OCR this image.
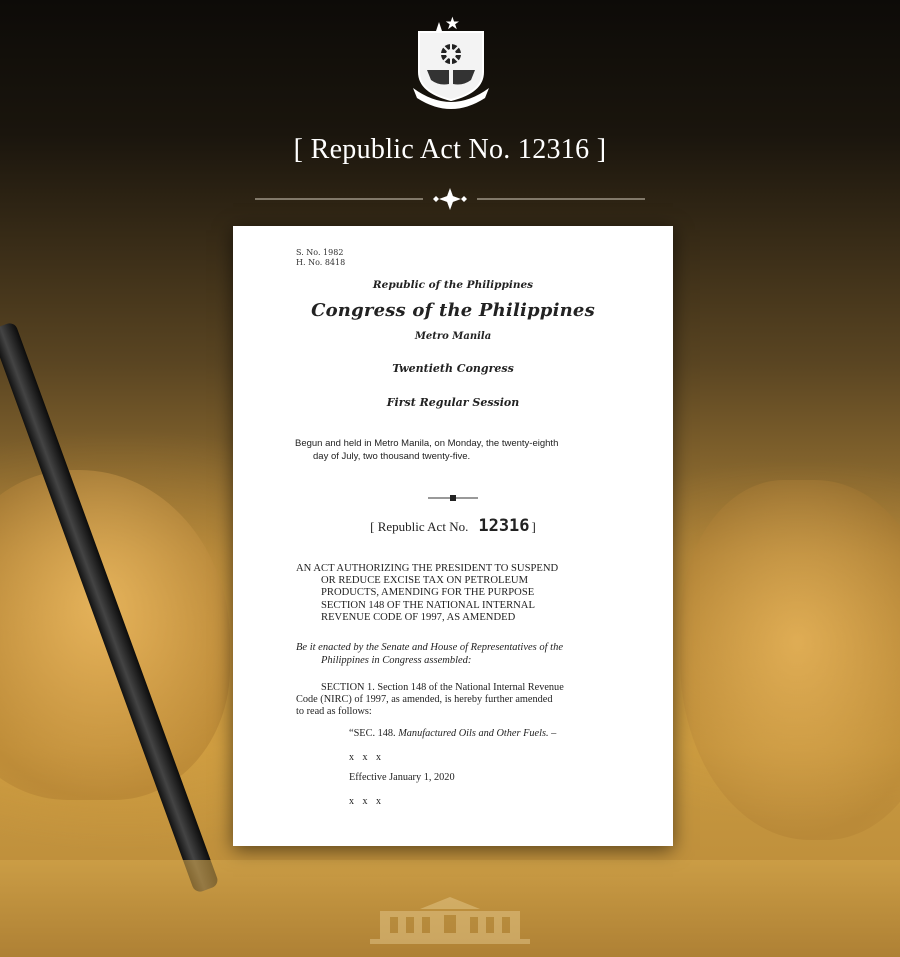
[ Republic Act No. 12316 ]
S. No. 1982
H. No. 8418
Republic of the Philippines
Congress of the Philippines
Metro Manila
Twentieth Congress
First Regular Session
Begun and held in Metro Manila, on Monday, the twenty-eighth
day of July, two thousand twenty-five.
[ Republic Act No. 12316 ]
AN ACT AUTHORIZING THE PRESIDENT TO SUSPEND
OR REDUCE EXCISE TAX ON PETROLEUM
PRODUCTS, AMENDING FOR THE PURPOSE
SECTION 148 OF THE NATIONAL INTERNAL
REVENUE CODE OF 1997, AS AMENDED
Be it enacted by the Senate and House of Representatives of the
Philippines in Congress assembled:
SECTION 1. Section 148 of the National Internal Revenue
Code (NIRC) of 1997, as amended, is hereby further amended
to read as follows:
“SEC. 148. Manufactured Oils and Other Fuels. –
x x x
Effective January 1, 2020
x x x
